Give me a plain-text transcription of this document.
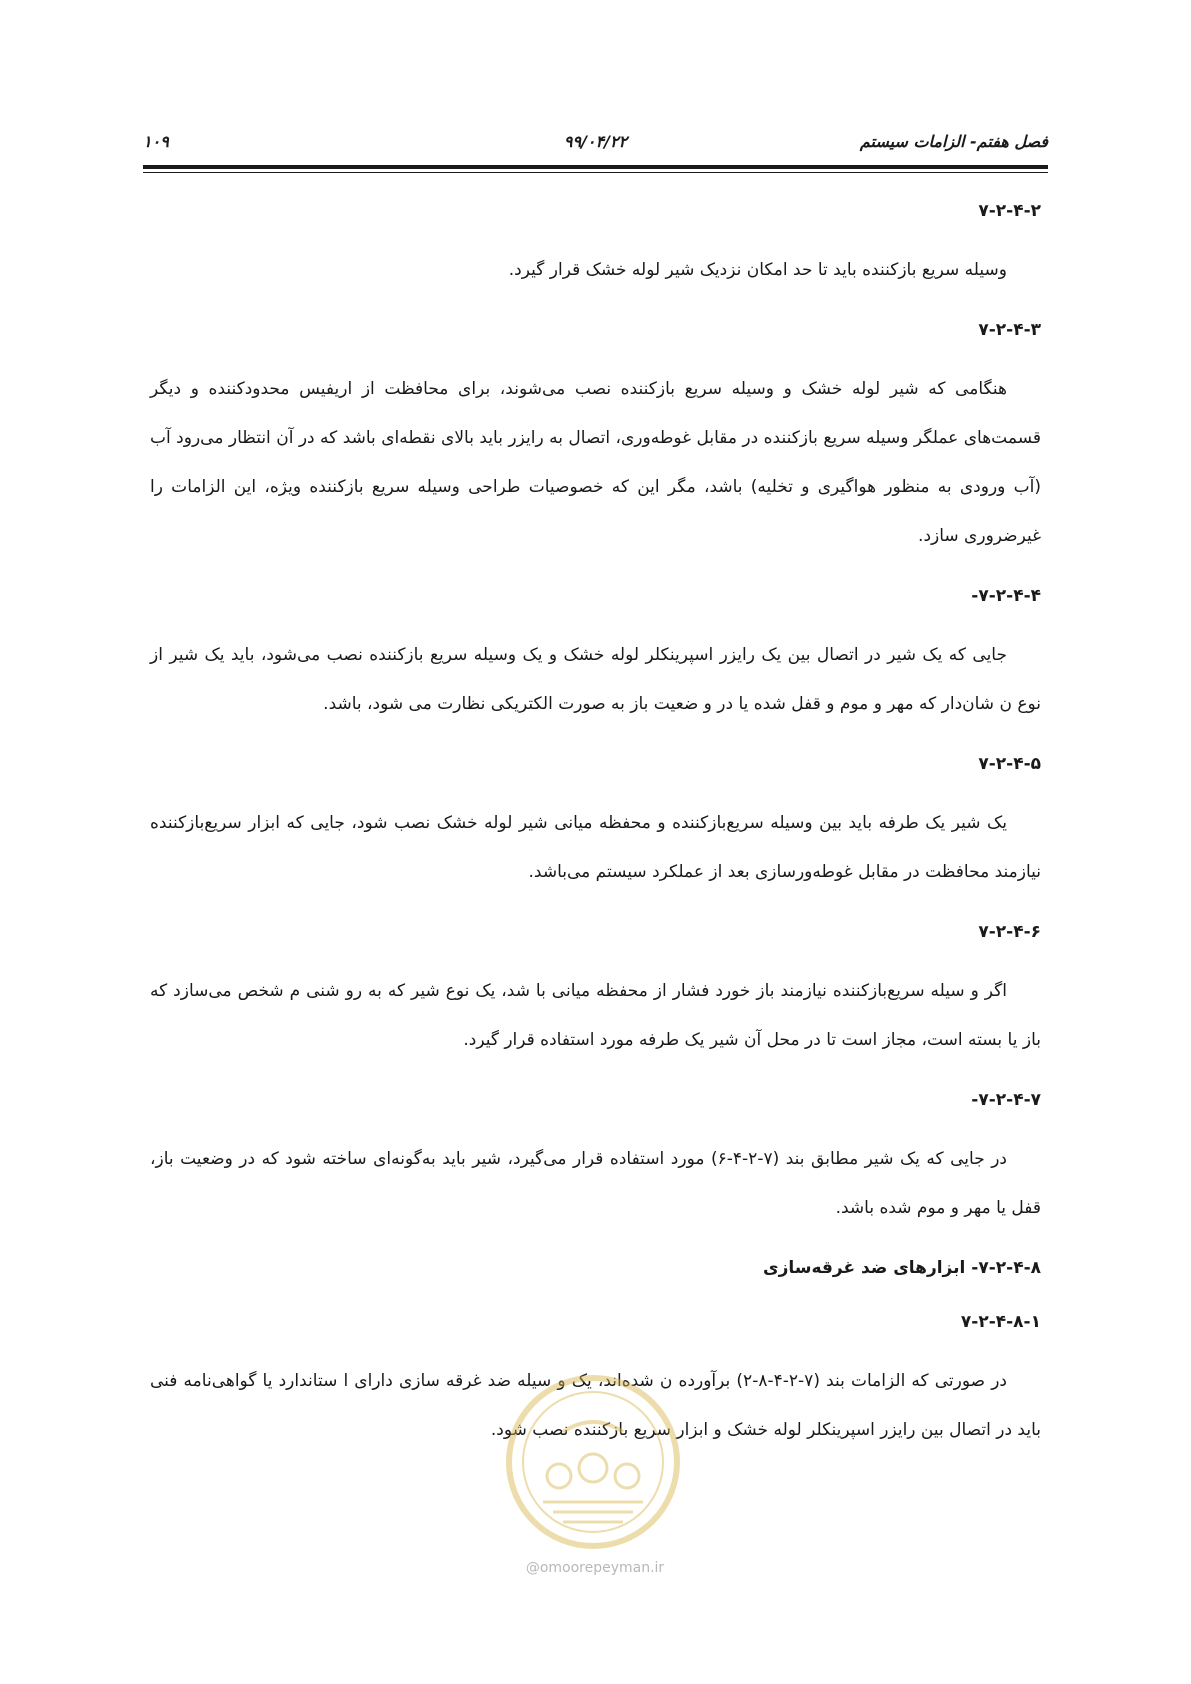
فصل هفتم- الزامات سیستم
۹۹/۰۴/۲۲
۱۰۹
۷-۲-۴-۲

وسیله سریع بازکننده باید تا حد امکان نزدیک شیر لوله خشک قرار گیرد.

۷-۲-۴-۳

هنگامی که شیر لوله خشک و وسیله سریع بازکننده نصب می‌شوند، برای محافظت از اریفیس محدودکننده و دیگر قسمت‌های عملگر وسیله سریع بازکننده در مقابل غوطه‌وری، اتصال به رایزر باید بالای نقطه‌ای باشد که در آن انتظار می‌رود آب (آب ورودی به منظور هواگیری و تخلیه) باشد، مگر این که خصوصیات طراحی وسیله سریع بازکننده ویژه، این الزامات را غیرضروری سازد.

۷-۲-۴-۴-

جایی که یک شیر در اتصال بین یک رایزر اسپرینکلر لوله خشک و یک وسیله سریع بازکننده نصب می‌شود، باید یک شیر از نوع ن شان‌دار که مهر و موم و قفل شده یا در و ضعیت باز به صورت الکتریکی نظارت می شود، باشد.

۷-۲-۴-۵

یک شیر یک طرفه باید بین وسیله سریع‌بازکننده و محفظه میانی شیر لوله خشک نصب شود، جایی که ابزار سریع‌بازکننده نیازمند محافظت در مقابل غوطه‌ورسازی بعد از عملکرد سیستم می‌باشد.

۷-۲-۴-۶

اگر و سیله سریع‌بازکننده نیازمند باز خورد فشار از محفظه میانی با شد، یک نوع شیر که به رو شنی م شخص می‌سازد که باز یا بسته است، مجاز است تا در محل آن شیر یک طرفه مورد استفاده قرار گیرد.

۷-۲-۴-۷-

در جایی که یک شیر مطابق بند (۷-۲-۴-۶) مورد استفاده قرار می‌گیرد، شیر باید به‌گونه‌ای ساخته شود که در وضعیت باز، قفل یا مهر و موم شده باشد.

۷-۲-۴-۸- ابزارهای ضد غرقه‌سازی
۷-۲-۴-۸-۱

در صورتی که الزامات بند (۷-۲-۴-۸-۲) برآورده ن شده‌اند، یک و سیله ضد غرقه سازی دارای ا ستاندارد یا گواهی‌نامه فنی باید در اتصال بین رایزر اسپرینکلر لوله خشک و ابزار سریع بازکننده نصب شود.

@omoorepeyman.ir
